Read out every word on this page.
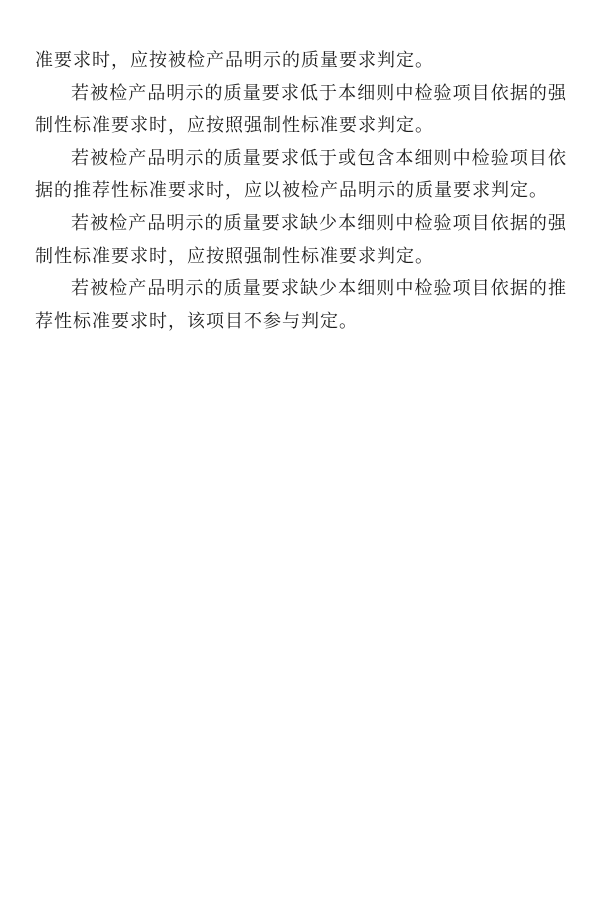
准要求时，应按被检产品明示的质量要求判定。

若被检产品明示的质量要求低于本细则中检验项目依据的强制性标准要求时，应按照强制性标准要求判定。

若被检产品明示的质量要求低于或包含本细则中检验项目依据的推荐性标准要求时，应以被检产品明示的质量要求判定。

若被检产品明示的质量要求缺少本细则中检验项目依据的强制性标准要求时，应按照强制性标准要求判定。

若被检产品明示的质量要求缺少本细则中检验项目依据的推荐性标准要求时，该项目不参与判定。
